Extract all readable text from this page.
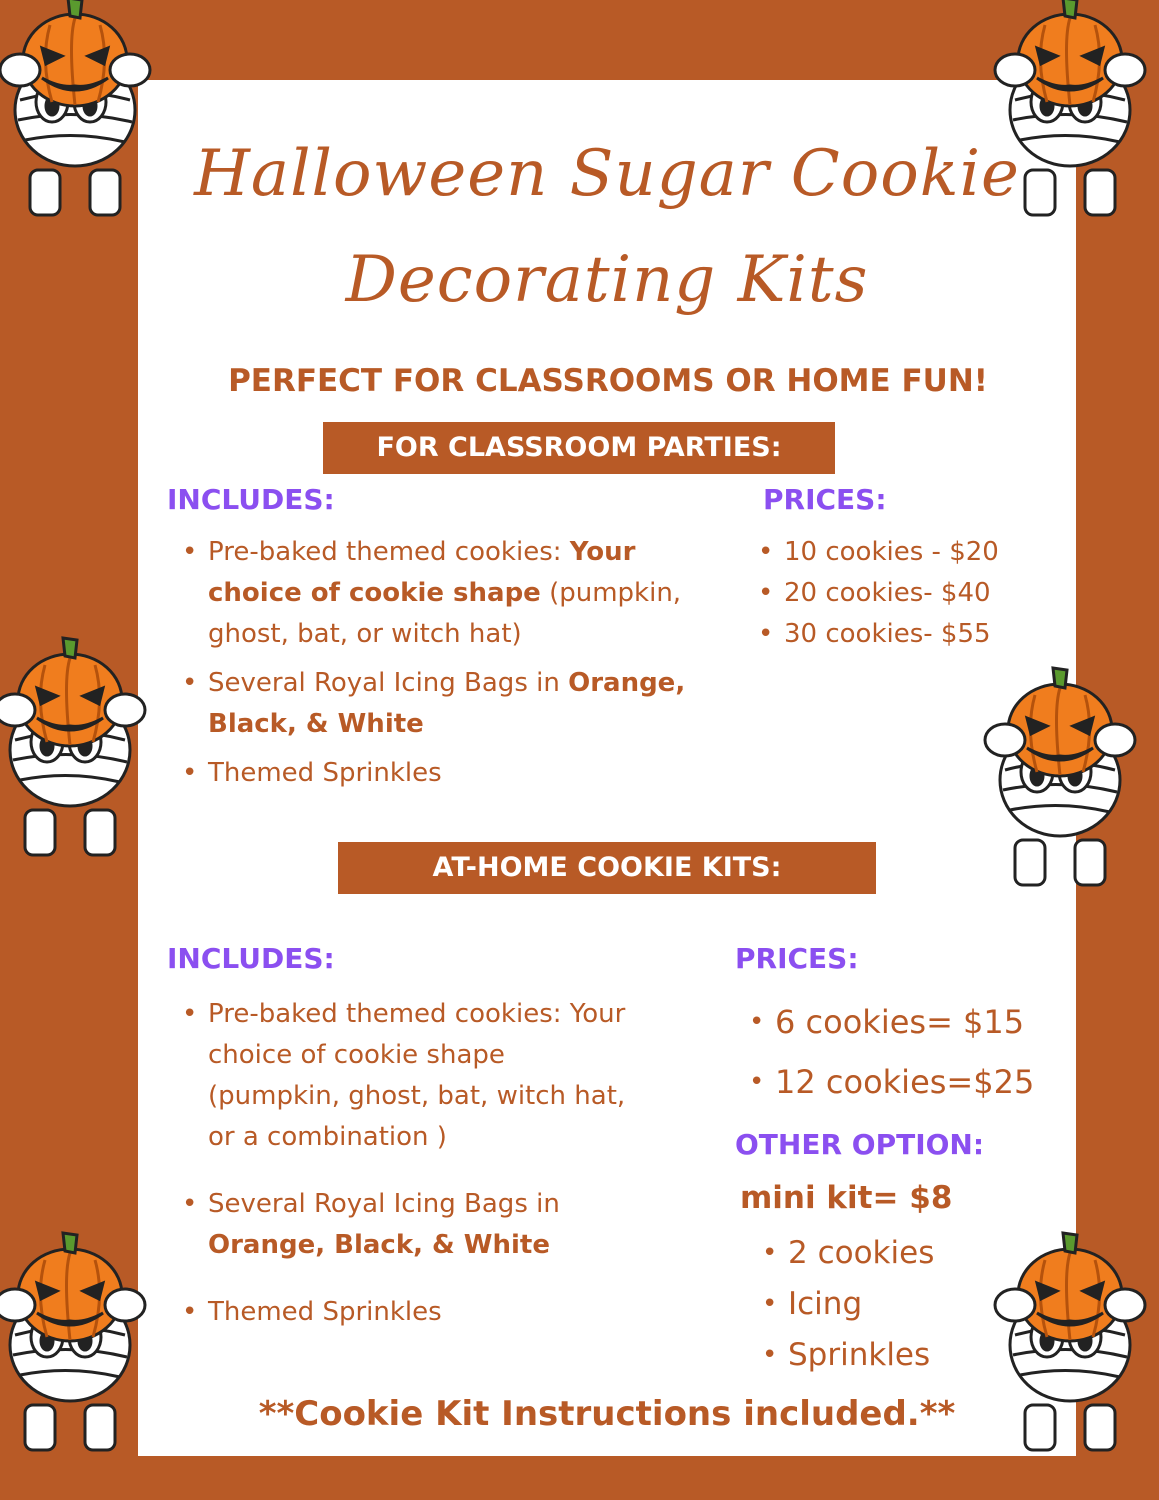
Halloween Sugar Cookie
Decorating Kits
PERFECT FOR CLASSROOMS OR HOME FUN!
FOR CLASSROOM PARTIES:
INCLUDES:
• Pre-baked themed cookies: Your choice of cookie shape (pumpkin, ghost, bat, or witch hat)
• Several Royal Icing Bags in Orange, Black, & White
• Themed Sprinkles
PRICES:
• 10 cookies - $20
• 20 cookies- $40
• 30 cookies- $55
AT-HOME COOKIE KITS:
INCLUDES:
• Pre-baked themed cookies: Your choice of cookie shape (pumpkin, ghost, bat, witch hat, or a combination )
• Several Royal Icing Bags in Orange, Black, & White
• Themed Sprinkles
PRICES:
• 6 cookies= $15
• 12 cookies=$25
OTHER OPTION:
mini kit= $8
• 2 cookies
• Icing
• Sprinkles
**Cookie Kit Instructions included.**
